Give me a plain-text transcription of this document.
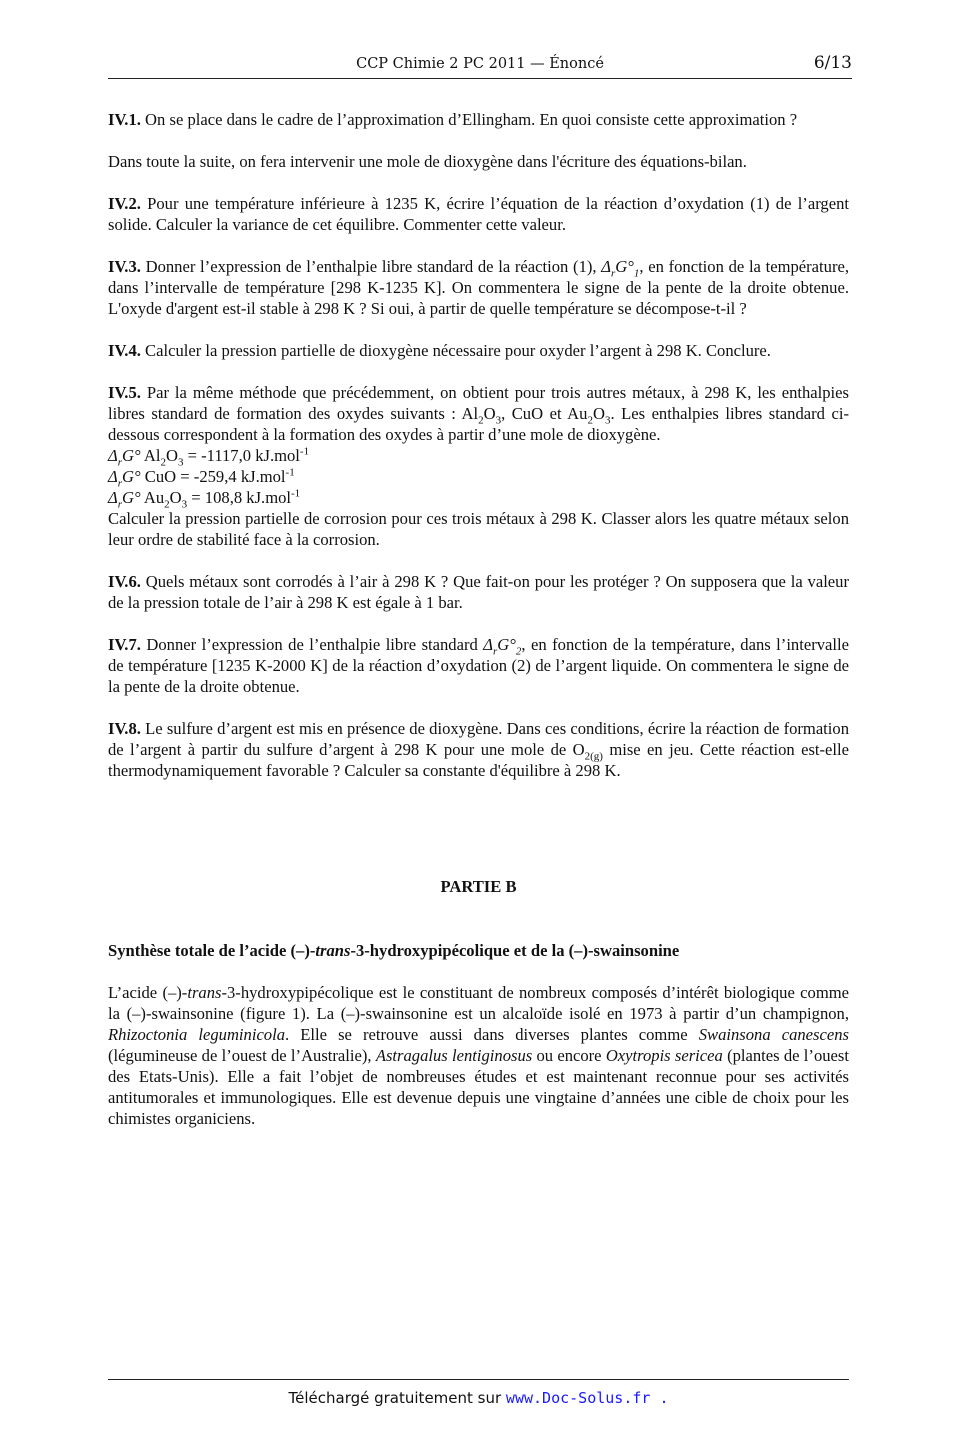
CCP Chimie 2 PC 2011 — Énoncé	6/13

IV.1. On se place dans le cadre de l’approximation d’Ellingham. En quoi consiste cette approximation ?

Dans toute la suite, on fera intervenir une mole de dioxygène dans l'écriture des équations-bilan.

IV.2. Pour une température inférieure à 1235 K, écrire l’équation de la réaction d’oxydation (1) de l’argent solide. Calculer la variance de cet équilibre. Commenter cette valeur.

IV.3. Donner l’expression de l’enthalpie libre standard de la réaction (1), $\Delta_rG^\circ_1$, en fonction de la température, dans l’intervalle de température [298 K-1235 K]. On commentera le signe de la pente de la droite obtenue. L'oxyde d'argent est-il stable à 298 K ? Si oui, à partir de quelle température se décompose-t-il ?

IV.4. Calculer la pression partielle de dioxygène nécessaire pour oxyder l’argent à 298 K. Conclure.

IV.5. Par la même méthode que précédemment, on obtient pour trois autres métaux, à 298 K, les enthalpies libres standard de formation des oxydes suivants : $Al_2O_3$, CuO et $Au_2O_3$. Les enthalpies libres standard ci-dessous correspondent à la formation des oxydes à partir d’une mole de dioxygène.
$\Delta_rG^\circ$ $Al_2O_3 = -1117,0$ kJ.mol$^{-1}$
$\Delta_rG^\circ$ CuO = -259,4 kJ.mol$^{-1}$
$\Delta_rG^\circ$ $Au_2O_3 = 108,8$ kJ.mol$^{-1}$
Calculer la pression partielle de corrosion pour ces trois métaux à 298 K. Classer alors les quatre métaux selon leur ordre de stabilité face à la corrosion.

IV.6. Quels métaux sont corrodés à l’air à 298 K ? Que fait-on pour les protéger ? On supposera que la valeur de la pression totale de l’air à 298 K est égale à 1 bar.

IV.7. Donner l’expression de l’enthalpie libre standard $\Delta_rG^\circ_2$, en fonction de la température, dans l’intervalle de température [1235 K-2000 K] de la réaction d’oxydation (2) de l’argent liquide. On commentera le signe de la pente de la droite obtenue.

IV.8. Le sulfure d’argent est mis en présence de dioxygène. Dans ces conditions, écrire la réaction de formation de l’argent à partir du sulfure d’argent à 298 K pour une mole de $O_{2(g)}$ mise en jeu. Cette réaction est-elle thermodynamiquement favorable ? Calculer sa constante d'équilibre à 298 K.

PARTIE B

Synthèse totale de l’acide (–)-trans-3-hydroxypipécolique et de la (–)-swainsonine

L’acide (–)-trans-3-hydroxypipécolique est le constituant de nombreux composés d’intérêt biologique comme la (–)-swainsonine (figure 1). La (–)-swainsonine est un alcaloïde isolé en 1973 à partir d’un champignon, Rhizoctonia leguminicola. Elle se retrouve aussi dans diverses plantes comme Swainsona canescens (légumineuse de l’ouest de l’Australie), Astragalus lentiginosus ou encore Oxytropis sericea (plantes de l’ouest des Etats-Unis). Elle a fait l’objet de nombreuses études et est maintenant reconnue pour ses activités antitumorales et immunologiques. Elle est devenue depuis une vingtaine d’années une cible de choix pour les chimistes organiciens.

Téléchargé gratuitement sur www.Doc-Solus.fr .
